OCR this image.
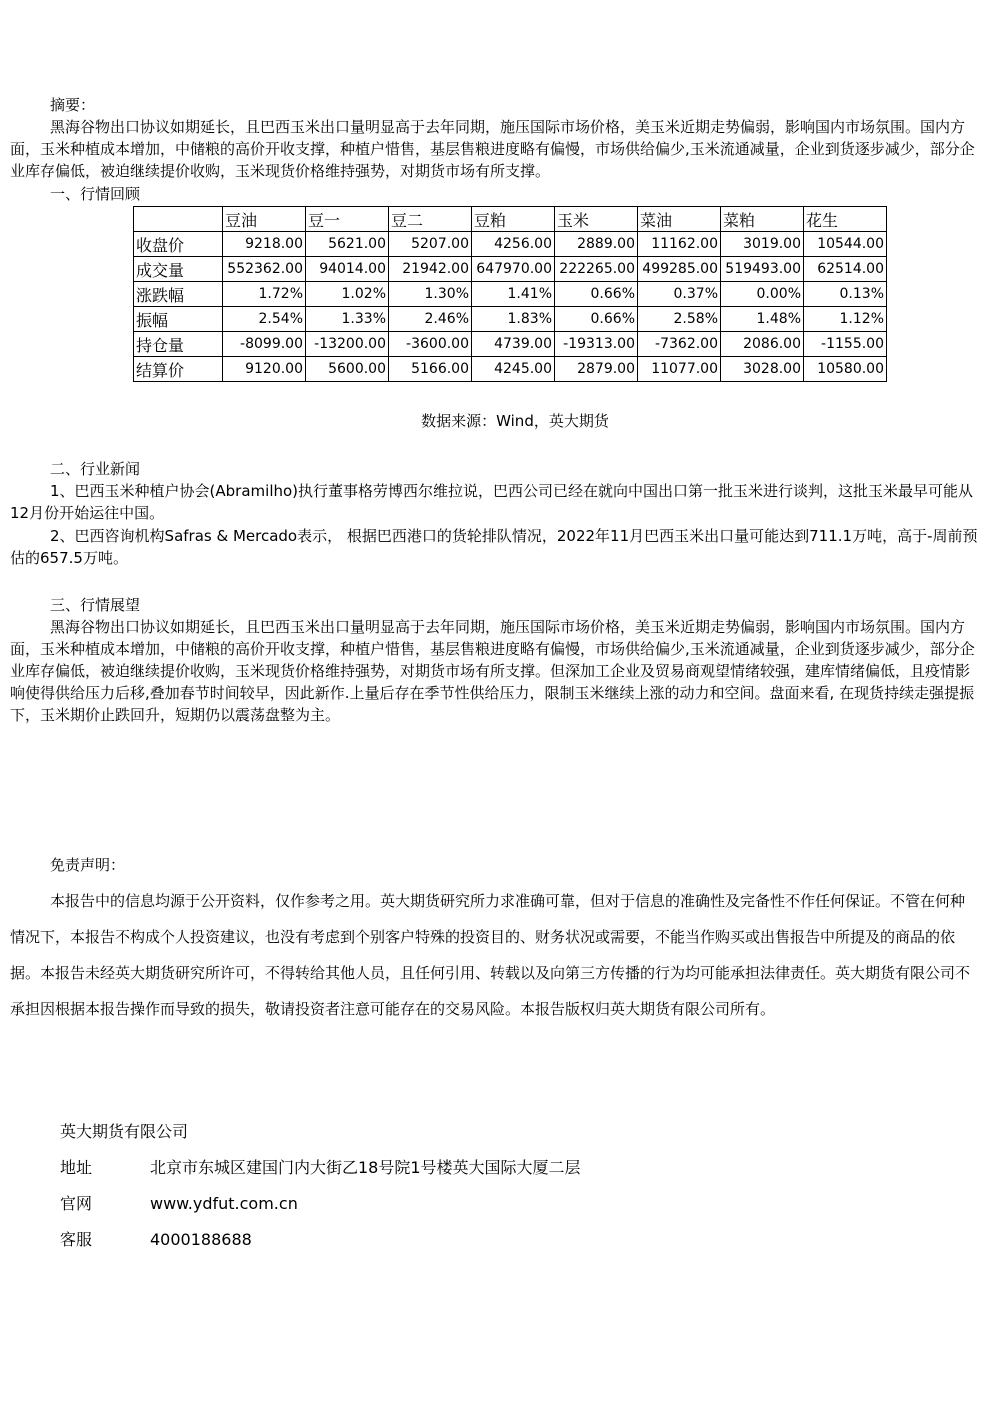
摘要：

黑海谷物出口协议如期延长，且巴西玉米出口量明显高于去年同期，施压国际市场价格，美玉米近期走势偏弱，影响国内市场氛围。国内方面，玉米种植成本增加，中储粮的高价开收支撑，种植户惜售，基层售粮进度略有偏慢，市场供给偏少,玉米流通减量，企业到货逐步减少，部分企业库存偏低，被迫继续提价收购，玉米现货价格维持强势，对期货市场有所支撑。

一、行情回顾
	豆油	豆一	豆二	豆粕	玉米	菜油	菜粕	花生
收盘价	9218.00	5621.00	5207.00	4256.00	2889.00	11162.00	3019.00	10544.00
成交量	552362.00	94014.00	21942.00	647970.00	222265.00	499285.00	519493.00	62514.00
涨跌幅	1.72%	1.02%	1.30%	1.41%	0.66%	0.37%	0.00%	0.13%
振幅	2.54%	1.33%	2.46%	1.83%	0.66%	2.58%	1.48%	1.12%
持仓量	-8099.00	-13200.00	-3600.00	4739.00	-19313.00	-7362.00	2086.00	-1155.00
结算价	9120.00	5600.00	5166.00	4245.00	2879.00	11077.00	3028.00	10580.00
数据来源：Wind，英大期货
二、行业新闻

1、巴西玉米种植户协会(Abramilho)执行董事格劳博西尔维拉说，巴西公司已经在就向中国出口第一批玉米进行谈判，这批玉米最早可能从12月份开始运往中国。

2、巴西咨询机构Safras & Mercado表示， 根据巴西港口的货轮排队情况，2022年11月巴西玉米出口量可能达到711.1万吨，高于-周前预估的657.5万吨。

三、行情展望

黑海谷物出口协议如期延长，且巴西玉米出口量明显高于去年同期，施压国际市场价格，美玉米近期走势偏弱，影响国内市场氛围。国内方面，玉米种植成本增加，中储粮的高价开收支撑，种植户惜售，基层售粮进度略有偏慢，市场供给偏少,玉米流通减量，企业到货逐步减少，部分企业库存偏低，被迫继续提价收购，玉米现货价格维持强势，对期货市场有所支撑。但深加工企业及贸易商观望情绪较强，建库情绪偏低，且疫情影响使得供给压力后移,叠加春节时间较早，因此新作.上量后存在季节性供给压力，限制玉米继续上涨的动力和空间。盘面来看, 在现货持续走强提振下，玉米期价止跌回升，短期仍以震荡盘整为主。

免责声明：

本报告中的信息均源于公开资料，仅作参考之用。英大期货研究所力求准确可靠，但对于信息的准确性及完备性不作任何保证。不管在何种情况下，本报告不构成个人投资建议，也没有考虑到个别客户特殊的投资目的、财务状况或需要，不能当作购买或出售报告中所提及的商品的依据。本报告未经英大期货研究所许可，不得转给其他人员，且任何引用、转载以及向第三方传播的行为均可能承担法律责任。英大期货有限公司不承担因根据本报告操作而导致的损失，敬请投资者注意可能存在的交易风险。本报告版权归英大期货有限公司所有。

英大期货有限公司
地址	北京市东城区建国门内大街乙18号院1号楼英大国际大厦二层
官网	www.ydfut.com.cn
客服	4000188688
